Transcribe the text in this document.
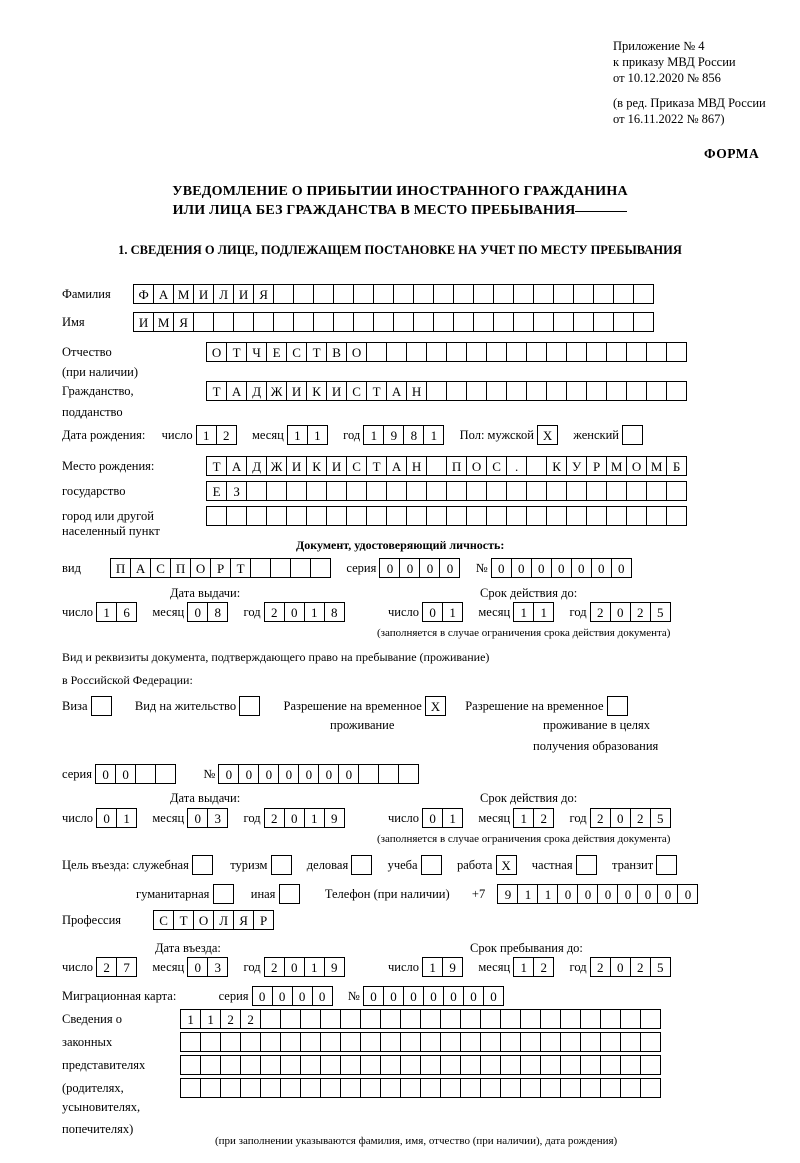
Приложение № 4
к приказу МВД России
от 10.12.2020 № 856
(в ред. Приказа МВД России
от 16.11.2022 № 867)
ФОРМА
УВЕДОМЛЕНИЕ О ПРИБЫТИИ ИНОСТРАННОГО ГРАЖДАНИНА
ИЛИ ЛИЦА БЕЗ ГРАЖДАНСТВА В МЕСТО ПРЕБЫВАНИЯ
1. СВЕДЕНИЯ О ЛИЦЕ, ПОДЛЕЖАЩЕМ ПОСТАНОВКЕ НА УЧЕТ ПО МЕСТУ ПРЕБЫВАНИЯ
Фамилия Ф А М И Л И Я
Имя	И М Я
Отчество	О Т Ч Е С Т В О
(при наличии)
Гражданство,	Т А Д Ж И К И С Т А Н
подданство
Дата рождения: число 1 2 месяц 1 1 год 1 9 8 1 Пол: мужской Х женский
Место рождения:	Т А Д Ж И К И С Т А Н П О С .	К У Р М О М Б
государство	Е З
город или другой
населенный пункт
Документ, удостоверяющий личность:
вид	П А С П О Р Т	серия 0 0 0 0 № 0 0 0 0 0 0 0
Дата выдачи:	Срок действия до:
число 1 6 месяц 0 8 год 2 0 1 8	число 0 1 месяц 1 1 год 2 0 2 5
(заполняется в случае ограничения срока действия документа)
Вид и реквизиты документа, подтверждающего право на пребывание (проживание)
в Российской Федерации:
Виза	Вид на жительство	Разрешение на временное Х Разрешение на временное
проживание	проживание в целях
получения образования
серия 0 0	№ 0 0 0 0 0 0 0
Дата выдачи:	Срок действия до:
число 0 1 месяц 0 3 год 2 0 1 9	число 0 1 месяц 1 2 год 2 0 2 5
(заполняется в случае ограничения срока действия документа)
Цель въезда: служебная	туризм	деловая	учеба	работа Х частная	транзит
гуманитарная	иная	Телефон (при наличии) +7 9 1 1 0 0 0 0 0 0 0
Профессия	С Т О Л Я Р
Дата въезда:	Срок пребывания до:
число 2 7 месяц 0 3 год 2 0 1 9	число 1 9 месяц 1 2 год 2 0 2 5
Миграционная карта:	серия 0 0 0 0 № 0 0 0 0 0 0 0
Сведения о	1 1 2 2
законных
представителях
(родителях,
усыновителях,
попечителях)
(при заполнении указываются фамилия, имя, отчество (при наличии), дата рождения)
